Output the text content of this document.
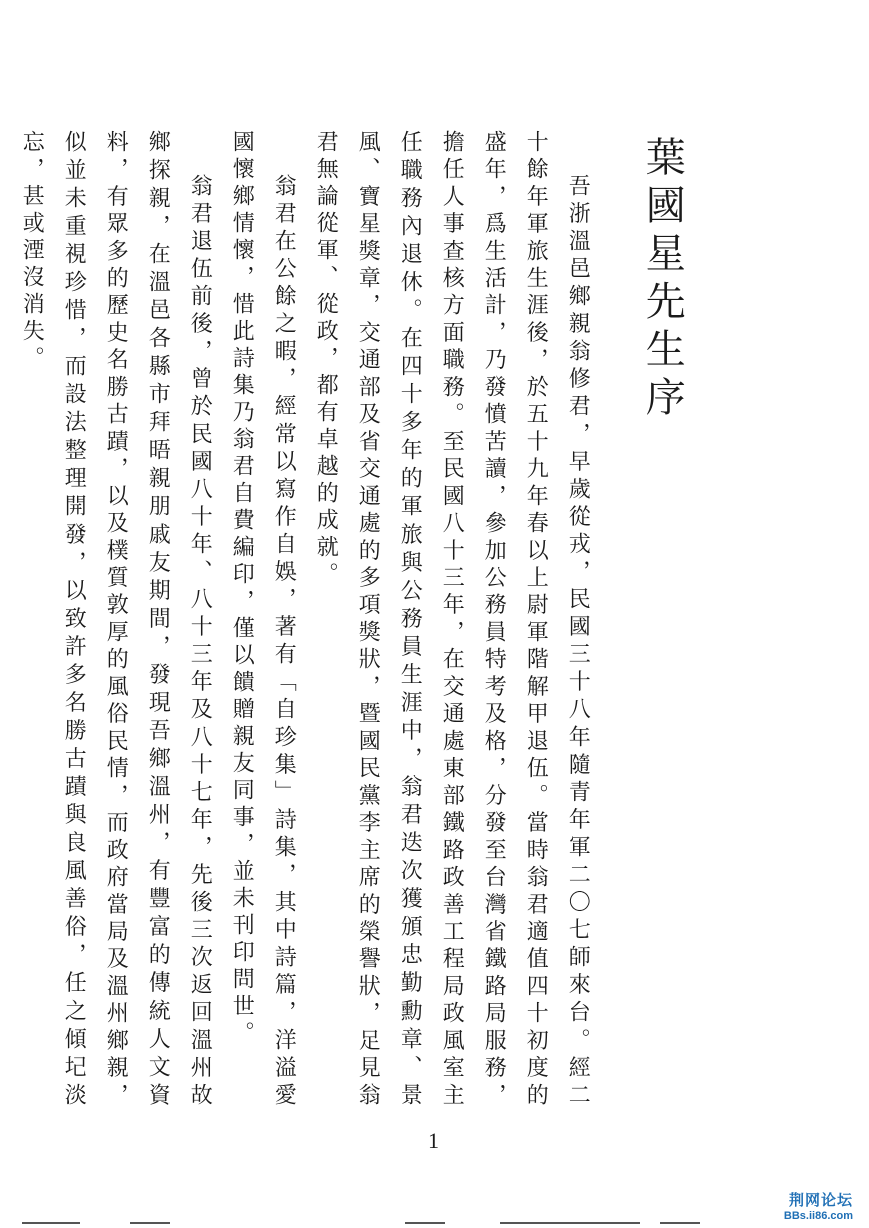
葉國星先生序

吾浙溫邑鄉親翁修君，早歲從戎，民國三十八年隨青年軍二〇七師來台。經二十餘年軍旅生涯後，於五十九年春以上尉軍階解甲退伍。當時翁君適值四十初度的盛年，爲生活計，乃發憤苦讀，參加公務員特考及格，分發至台灣省鐵路局服務，擔任人事查核方面職務。至民國八十三年，在交通處東部鐵路政善工程局政風室主任職務內退休。在四十多年的軍旅與公務員生涯中，翁君迭次獲頒忠勤勳章、景風、寶星獎章，交通部及省交通處的多項獎狀，暨國民黨李主席的榮譽狀，足見翁君無論從軍、從政，都有卓越的成就。

翁君在公餘之暇，經常以寫作自娛，著有「自珍集」詩集，其中詩篇，洋溢愛國懷鄉情懷，惜此詩集乃翁君自費編印，僅以饋贈親友同事，並未刊印問世。

翁君退伍前後，曾於民國八十年、八十三年及八十七年，先後三次返回溫州故鄉探親，在溫邑各縣市拜晤親朋戚友期間，發現吾鄉溫州，有豐富的傳統人文資料，有眾多的歷史名勝古蹟，以及樸質敦厚的風俗民情，而政府當局及溫州鄉親，似並未重視珍惜，而設法整理開發，以致許多名勝古蹟與良風善俗，任之傾圮淡忘，甚或湮沒消失。

1
荆网论坛
BBs.ii86.com
